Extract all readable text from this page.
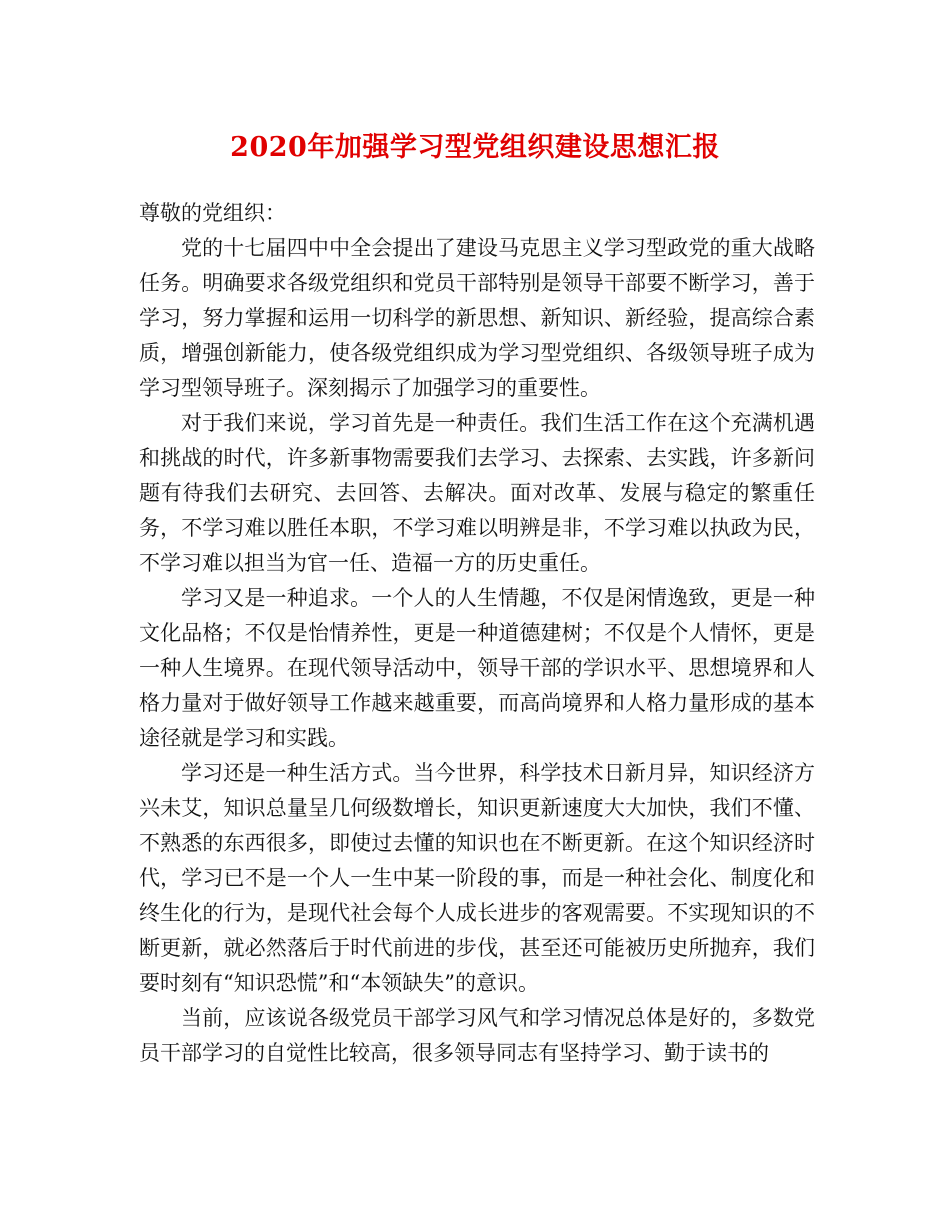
2020年加强学习型党组织建设思想汇报

尊敬的党组织：

党的十七届四中中全会提出了建设马克思主义学习型政党的重大战略任务。明确要求各级党组织和党员干部特别是领导干部要不断学习，善于学习，努力掌握和运用一切科学的新思想、新知识、新经验，提高综合素质，增强创新能力，使各级党组织成为学习型党组织、各级领导班子成为学习型领导班子。深刻揭示了加强学习的重要性。

对于我们来说，学习首先是一种责任。我们生活工作在这个充满机遇和挑战的时代，许多新事物需要我们去学习、去探索、去实践，许多新问题有待我们去研究、去回答、去解决。面对改革、发展与稳定的繁重任务，不学习难以胜任本职，不学习难以明辨是非，不学习难以执政为民，不学习难以担当为官一任、造福一方的历史重任。

学习又是一种追求。一个人的人生情趣，不仅是闲情逸致，更是一种文化品格；不仅是怡情养性，更是一种道德建树；不仅是个人情怀，更是一种人生境界。在现代领导活动中，领导干部的学识水平、思想境界和人格力量对于做好领导工作越来越重要，而高尚境界和人格力量形成的基本途径就是学习和实践。

学习还是一种生活方式。当今世界，科学技术日新月异，知识经济方兴未艾，知识总量呈几何级数增长，知识更新速度大大加快，我们不懂、不熟悉的东西很多，即使过去懂的知识也在不断更新。在这个知识经济时代，学习已不是一个人一生中某一阶段的事，而是一种社会化、制度化和终生化的行为，是现代社会每个人成长进步的客观需要。不实现知识的不断更新，就必然落后于时代前进的步伐，甚至还可能被历史所抛弃，我们要时刻有“知识恐慌”和“本领缺失”的意识。

当前，应该说各级党员干部学习风气和学习情况总体是好的，多数党员干部学习的自觉性比较高，很多领导同志有坚持学习、勤于读书的
